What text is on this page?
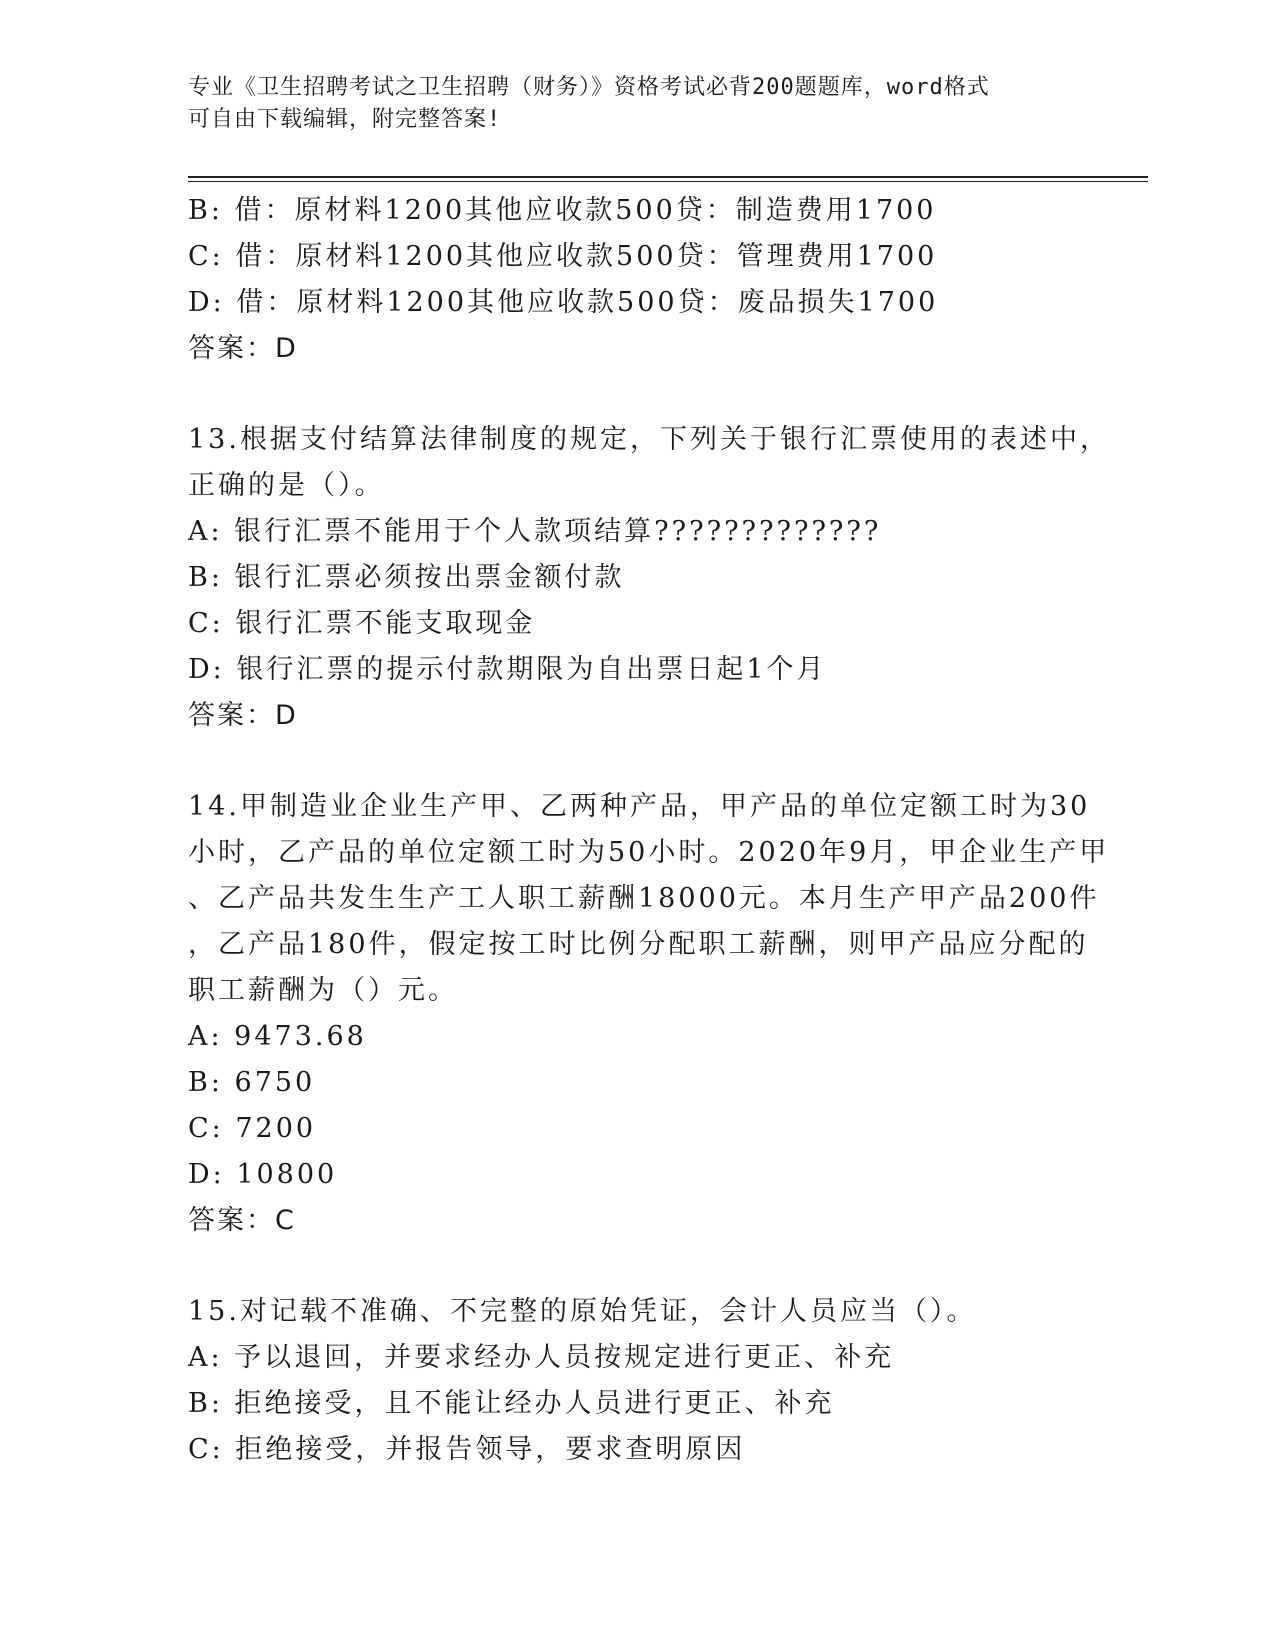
专业《卫生招聘考试之卫生招聘（财务）》资格考试必背200题题库，word格式
可自由下载编辑，附完整答案!
B: 借：原材料1200其他应收款500贷：制造费用1700
C: 借：原材料1200其他应收款500贷：管理费用1700
D: 借：原材料1200其他应收款500贷：废品损失1700
答案：D
13.根据支付结算法律制度的规定，下列关于银行汇票使用的表述中，
正确的是（）。
A: 银行汇票不能用于个人款项结算?????????????
B: 银行汇票必须按出票金额付款
C: 银行汇票不能支取现金
D: 银行汇票的提示付款期限为自出票日起1个月
答案：D
14.甲制造业企业生产甲、乙两种产品，甲产品的单位定额工时为30
小时，乙产品的单位定额工时为50小时。2020年9月，甲企业生产甲
、乙产品共发生生产工人职工薪酬18000元。本月生产甲产品200件
，乙产品180件，假定按工时比例分配职工薪酬，则甲产品应分配的
职工薪酬为（）元。
A: 9473.68
B: 6750
C: 7200
D: 10800
答案：C
15.对记载不准确、不完整的原始凭证，会计人员应当（）。
A: 予以退回，并要求经办人员按规定进行更正、补充
B: 拒绝接受，且不能让经办人员进行更正、补充
C: 拒绝接受，并报告领导，要求查明原因
